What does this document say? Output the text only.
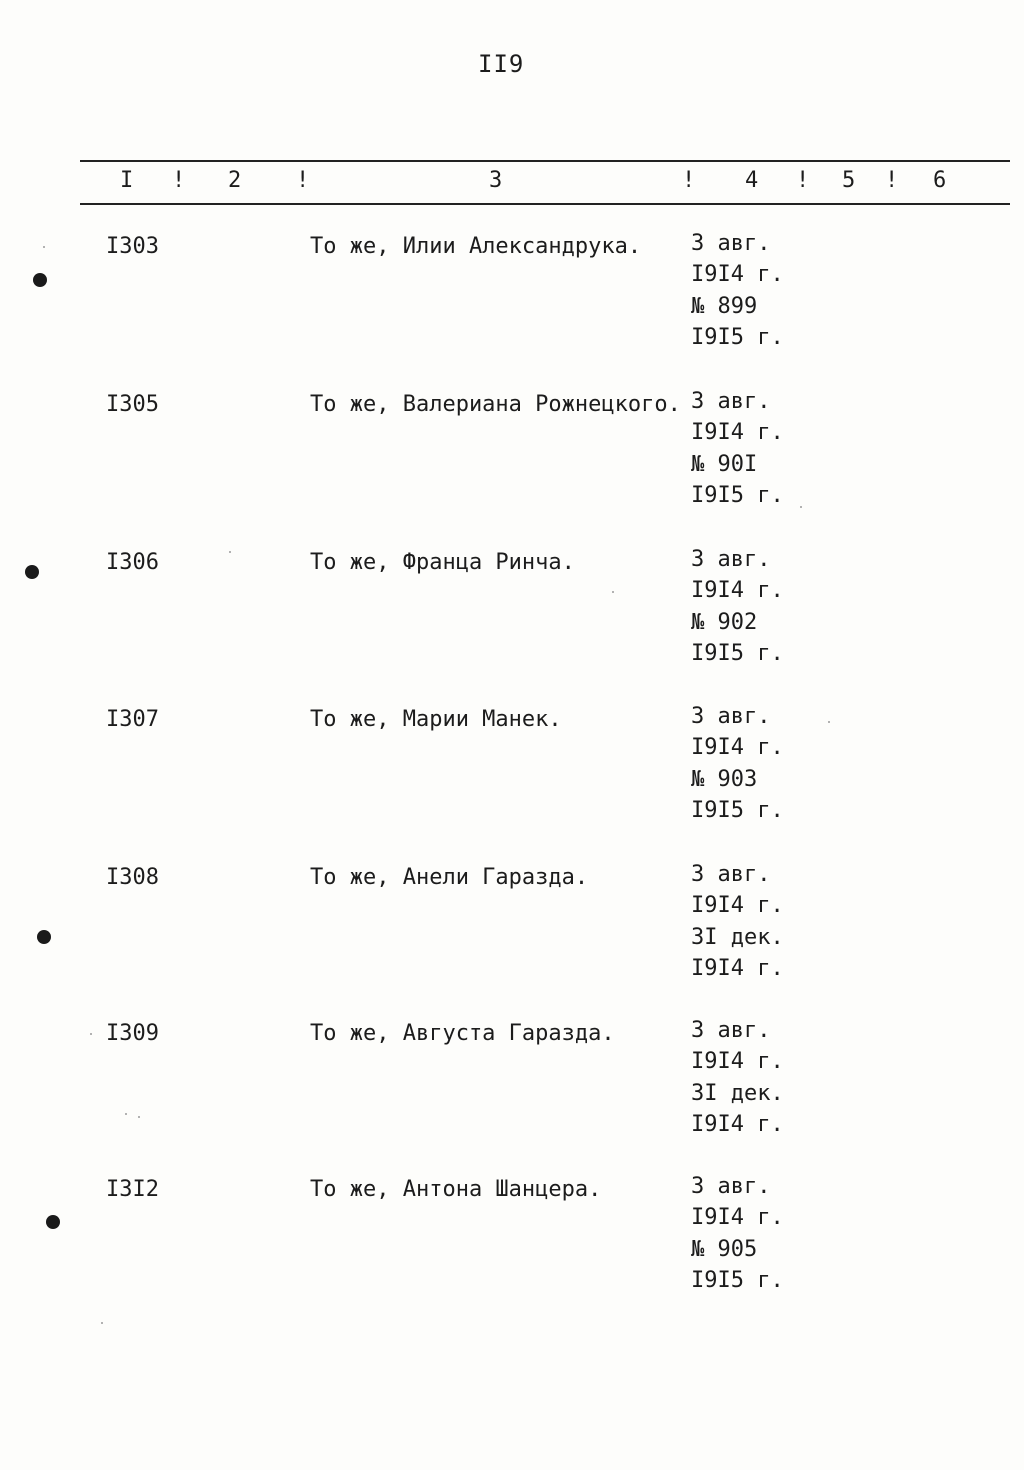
II9
I ! 2 !	3	! 4 ! 5 ! 6
I303	То же, Илии Александрука. 3 авг.
I9I4 г.
№ 899
I9I5 г.
I305	То же, Валериана Рожнецкого. 3 авг.
I9I4 г.
№ 90I
I9I5 г.
I306	То же, Франца Ринча.	3 авг.
I9I4 г.
№ 902
I9I5 г.
I307	То же, Марии Манек.	3 авг.
I9I4 г.
№ 903
I9I5 г.
I308	То же, Анели Гаразда.	3 авг.
I9I4 г.
3I дек.
I9I4 г.
I309	То же, Августа Гаразда.	3 авг.
I9I4 г.
3I дек.
I9I4 г.
I3I2	То же, Антона Шанцера.	3 авг.
I9I4 г.
№ 905
I9I5 г.
